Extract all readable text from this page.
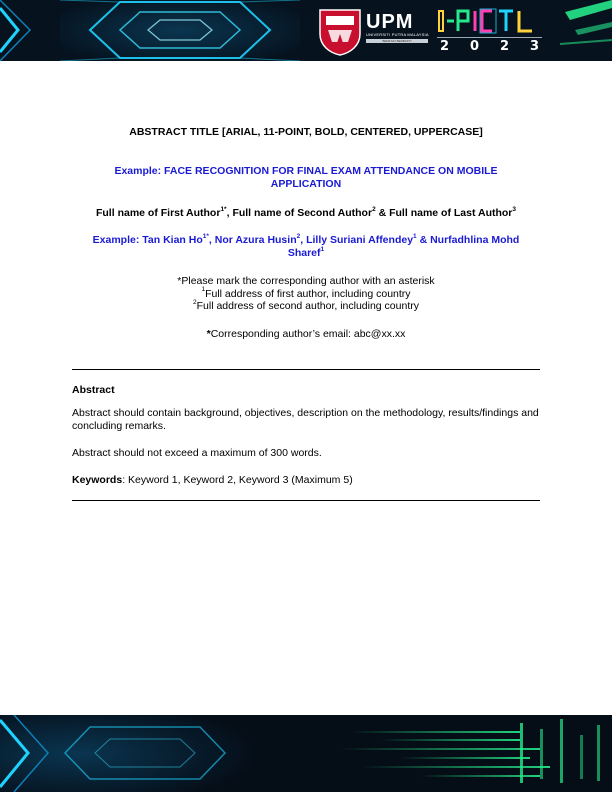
UPM
UNIVERSITI PUTRA MALAYSIA
BERILMU BERBAKTI	2 0 2 3
ABSTRACT TITLE [ARIAL, 11-POINT, BOLD, CENTERED, UPPERCASE]
Example: FACE RECOGNITION FOR FINAL EXAM ATTENDANCE ON MOBILE APPLICATION
Full name of First Author$^{1*}$, Full name of Second Author$^2$ & Full name of Last Author$^3$
Example: Tan Kian $Ho^{1*}$, Nor Azura Husin$^2$, Lilly Suriani Affendey$^1$ & Nurfadhlina Mohd Sharef$^1$
*Please mark the corresponding author with an asterisk
$^1$Full address of first author, including country
$^2$Full address of second author, including country
*Corresponding author’s email: abc@xx.xx
Abstract
Abstract should contain background, objectives, description on the methodology, results/findings and concluding remarks.
Abstract should not exceed a maximum of 300 words.
Keywords: Keyword 1, Keyword 2, Keyword 3 (Maximum 5)
